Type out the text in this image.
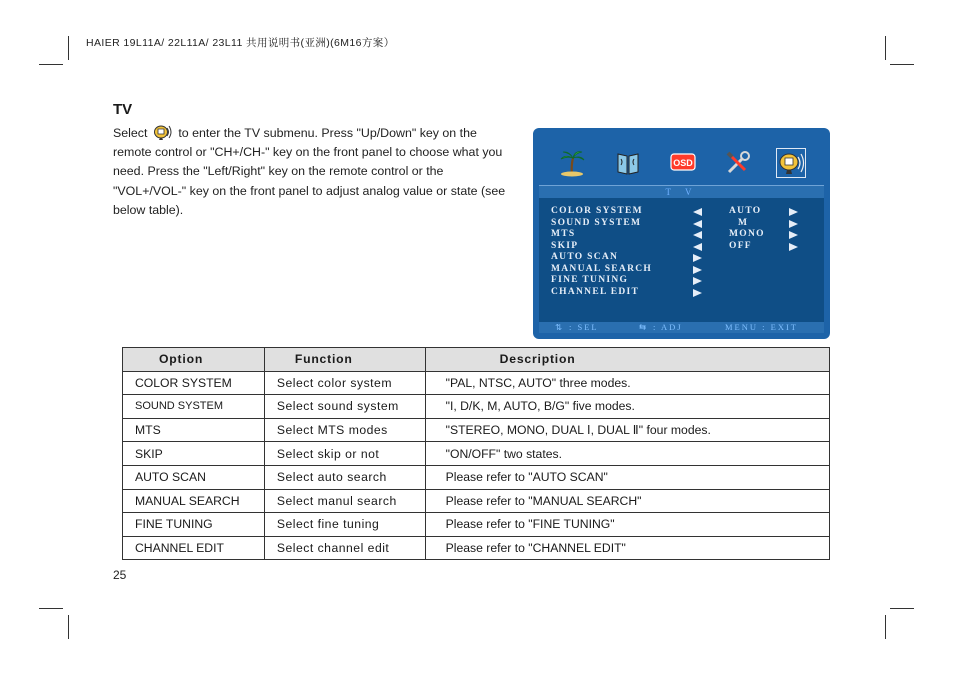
HAIER 19L11A/ 22L11A/ 23L11 共用说明书(亚洲)(6M16方案）
TV
Select to enter the TV submenu. Press "Up/Down" key on the remote control or "CH+/CH-" key on the front panel to choose what you need. Press the "Left/Right" key on the remote control or the "VOL+/VOL-" key on the front panel to adjust analog value or state (see below table).
OSD
T V
COLOR SYSTEM
SOUND SYSTEM
MTS
SKIP
AUTO SCAN
MANUAL SEARCH
FINE TUNING
CHANNEL EDIT
AUTO
M
MONO
OFF
⇅ : SEL	⇆ : ADJ	MENU : EXIT
Option	Function	Description
COLOR SYSTEM	Select color system	"PAL, NTSC, AUTO" three modes.
SOUND SYSTEM	Select sound system	"I, D/K, M, AUTO, B/G" five modes.
MTS	Select MTS modes	"STEREO, MONO, DUAL Ⅰ, DUAL Ⅱ" four modes.
SKIP	Select skip or not	"ON/OFF" two states.
AUTO SCAN	Select auto search	Please refer to "AUTO SCAN"
MANUAL SEARCH	Select manul search	Please refer to "MANUAL SEARCH"
FINE TUNING	Select fine tuning	Please refer to "FINE TUNING"
CHANNEL EDIT	Select channel edit	Please refer to "CHANNEL EDIT"
25
